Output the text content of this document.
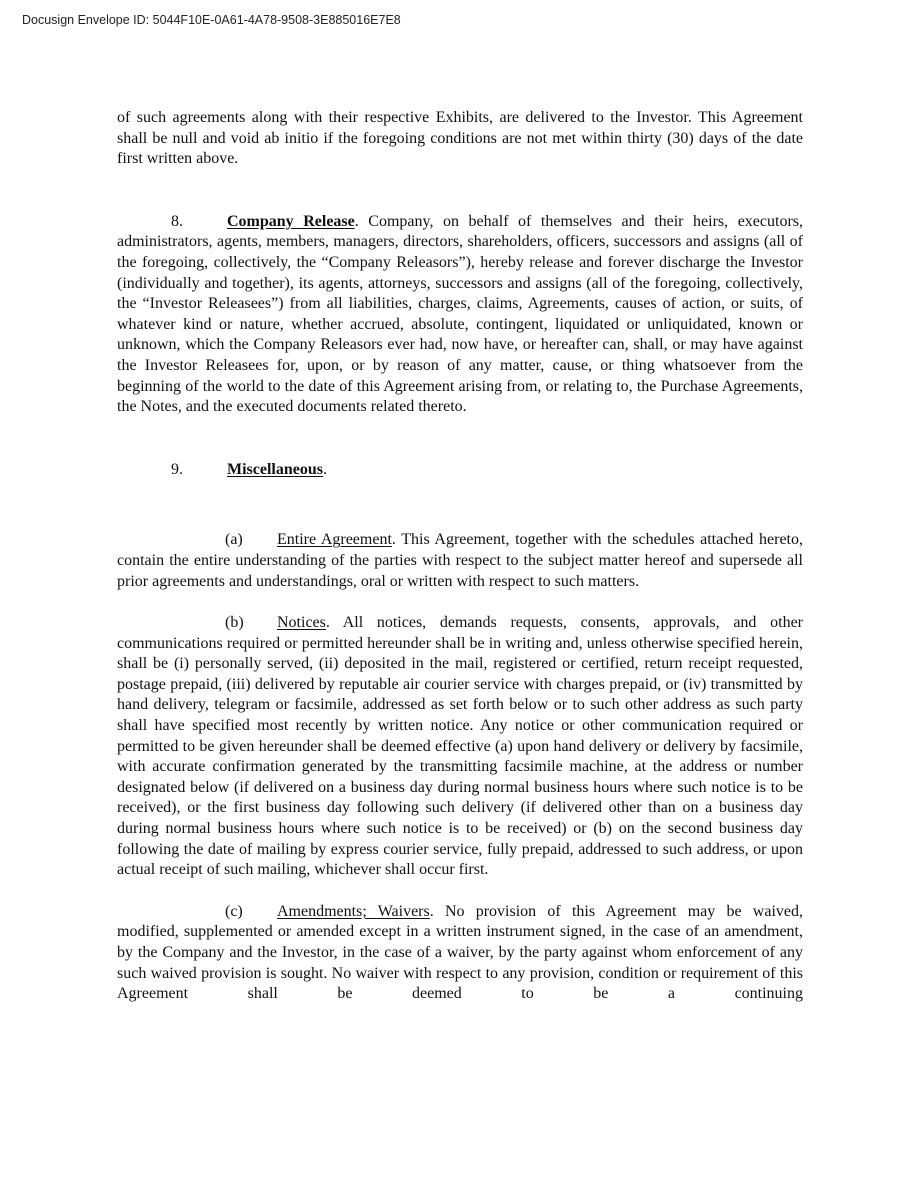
Docusign Envelope ID: 5044F10E-0A61-4A78-9508-3E885016E7E8

of such agreements along with their respective Exhibits, are delivered to the Investor. This Agreement shall be null and void ab initio if the foregoing conditions are not met within thirty (30) days of the date first written above.

8.	Company Release. Company, on behalf of themselves and their heirs, executors, administrators, agents, members, managers, directors, shareholders, officers, successors and assigns (all of the foregoing, collectively, the “Company Releasors”), hereby release and forever discharge the Investor (individually and together), its agents, attorneys, successors and assigns (all of the foregoing, collectively, the “Investor Releasees”) from all liabilities, charges, claims, Agreements, causes of action, or suits, of whatever kind or nature, whether accrued, absolute, contingent, liquidated or unliquidated, known or unknown, which the Company Releasors ever had, now have, or hereafter can, shall, or may have against the Investor Releasees for, upon, or by reason of any matter, cause, or thing whatsoever from the beginning of the world to the date of this Agreement arising from, or relating to, the Purchase Agreements, the Notes, and the executed documents related thereto.

9.	Miscellaneous.

(a) Entire Agreement. This Agreement, together with the schedules attached hereto, contain the entire understanding of the parties with respect to the subject matter hereof and supersede all prior agreements and understandings, oral or written with respect to such matters.

(b) Notices. All notices, demands requests, consents, approvals, and other communications required or permitted hereunder shall be in writing and, unless otherwise specified herein, shall be (i) personally served, (ii) deposited in the mail, registered or certified, return receipt requested, postage prepaid, (iii) delivered by reputable air courier service with charges prepaid, or (iv) transmitted by hand delivery, telegram or facsimile, addressed as set forth below or to such other address as such party shall have specified most recently by written notice. Any notice or other communication required or permitted to be given hereunder shall be deemed effective (a) upon hand delivery or delivery by facsimile, with accurate confirmation generated by the transmitting facsimile machine, at the address or number designated below (if delivered on a business day during normal business hours where such notice is to be received), or the first business day following such delivery (if delivered other than on a business day during normal business hours where such notice is to be received) or (b) on the second business day following the date of mailing by express courier service, fully prepaid, addressed to such address, or upon actual receipt of such mailing, whichever shall occur first.

(c) Amendments; Waivers. No provision of this Agreement may be waived, modified, supplemented or amended except in a written instrument signed, in the case of an amendment, by the Company and the Investor, in the case of a waiver, by the party against whom enforcement of any such waived provision is sought. No waiver with respect to any provision, condition or requirement of this Agreement shall be deemed to be a continuing
